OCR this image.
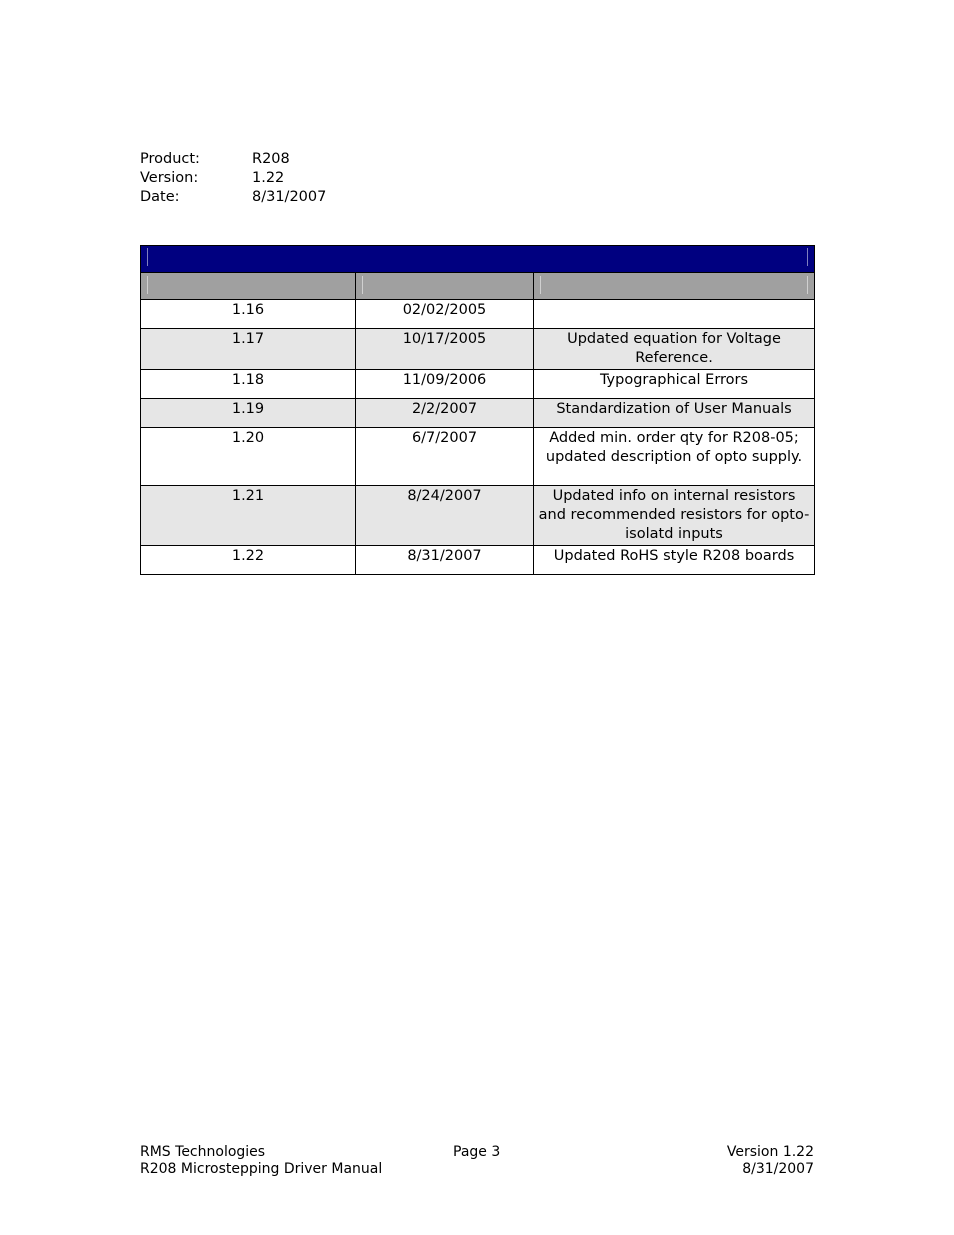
Product:	R208
Version:	1.22
Date:	8/31/2007

1.16	02/02/2005	
1.17	10/17/2005	Updated equation for Voltage Reference.
1.18	11/09/2006	Typographical Errors
1.19	2/2/2007	Standardization of User Manuals
1.20	6/7/2007	Added min. order qty for R208-05; updated description of opto supply.
1.21	8/24/2007	Updated info on internal resistors and recommended resistors for opto-isolatd inputs
1.22	8/31/2007	Updated RoHS style R208 boards
RMS Technologies	Page 3	Version 1.22
R208 Microstepping Driver Manual	8/31/2007
